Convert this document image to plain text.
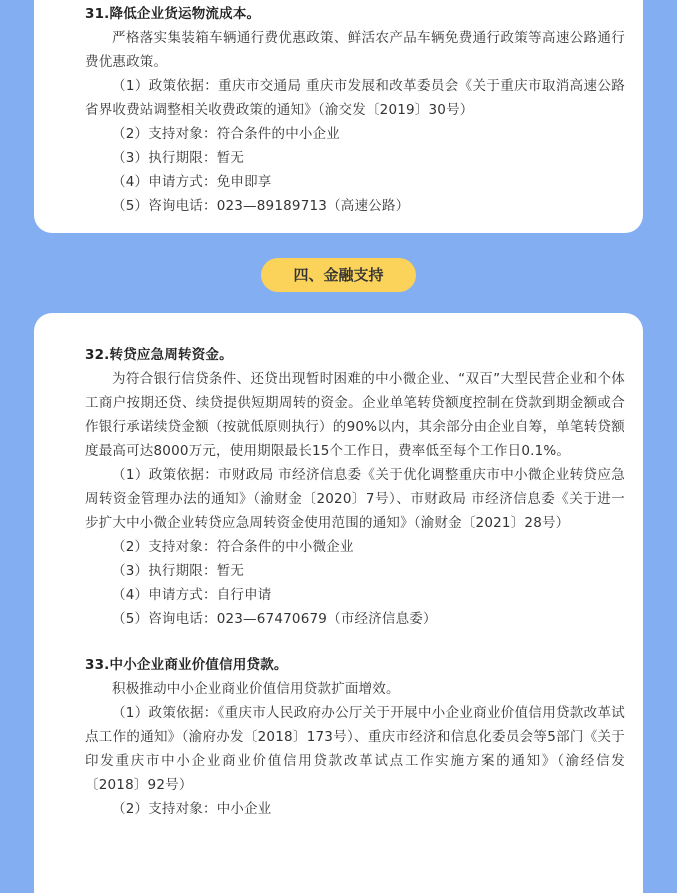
31.降低企业货运物流成本。

严格落实集装箱车辆通行费优惠政策、鲜活农产品车辆免费通行政策等高速公路通行费优惠政策。

（1）政策依据：重庆市交通局 重庆市发展和改革委员会《关于重庆市取消高速公路省界收费站调整相关收费政策的通知》（渝交发〔2019〕30号）

（2）支持对象：符合条件的中小企业

（3）执行期限：暂无

（4）申请方式：免申即享

（5）咨询电话：023—89189713（高速公路）

四、金融支持
32.转贷应急周转资金。

为符合银行信贷条件、还贷出现暂时困难的中小微企业、“双百”大型民营企业和个体工商户按期还贷、续贷提供短期周转的资金。企业单笔转贷额度控制在贷款到期金额或合作银行承诺续贷金额（按就低原则执行）的90%以内，其余部分由企业自筹，单笔转贷额度最高可达8000万元，使用期限最长15个工作日，费率低至每个工作日0.1%。

（1）政策依据：市财政局 市经济信息委《关于优化调整重庆市中小微企业转贷应急周转资金管理办法的通知》（渝财金〔2020〕7号）、市财政局 市经济信息委《关于进一步扩大中小微企业转贷应急周转资金使用范围的通知》（渝财金〔2021〕28号）

（2）支持对象：符合条件的中小微企业

（3）执行期限：暂无

（4）申请方式：自行申请

（5）咨询电话：023—67470679（市经济信息委）

33.中小企业商业价值信用贷款。

积极推动中小企业商业价值信用贷款扩面增效。

（1）政策依据：《重庆市人民政府办公厅关于开展中小企业商业价值信用贷款改革试点工作的通知》（渝府办发〔2018〕173号）、重庆市经济和信息化委员会等5部门《关于印发重庆市中小企业商业价值信用贷款改革试点工作实施方案的通知》（渝经信发〔2018〕92号）

（2）支持对象：中小企业
